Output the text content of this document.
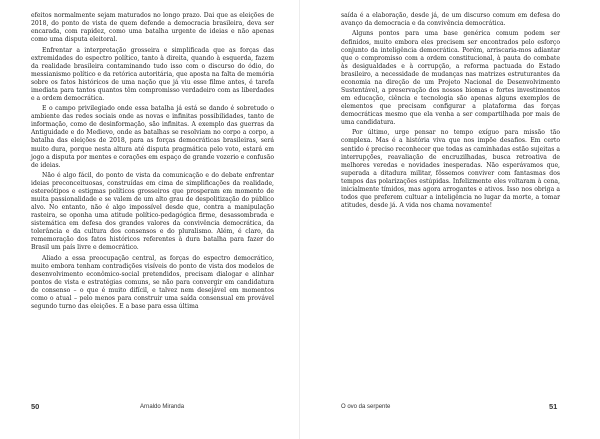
efeitos normalmente sejam maturados no longo prazo. Dai que as eleições de 2018, do ponto de vista de quem defende a democracia brasileira, deva ser encarada, com rapidez, como uma batalha urgente de ideias e não apenas como uma disputa eleitoral.

Enfrentar a interpretação grosseira e simplificada que as forças das extremidades do espectro político, tanto à direita, quando à esquerda, fazem da realidade brasileira contaminando tudo isso com o discurso do ódio, do messianismo político e da retórica autoritária, que aposta na falta de memória sobre os fatos históricos de uma nação que já viu esse filme antes, é tarefa imediata para tantos quantos têm compromisso verdadeiro com as liberdades e a ordem democrática.

E o campo privilegiado onde essa batalha já está se dando é sobretudo o ambiente das redes sociais onde as novas e infinitas possibilidades, tanto de informação, como de desinformação, são infinitas. A exemplo das guerras da Antiguidade e do Medievo, onde as batalhas se resolviam no corpo a corpo, a batalha das eleições de 2018, para as forças democráticas brasileiras, será muito dura, porque nesta altura até disputa pragmática pelo voto, estará em jogo a disputa por mentes e corações em espaço de grande vozerio e confusão de ideias.

Não é algo fácil, do ponto de vista da comunicação e do debate enfrentar ideias preconceituosas, construídas em cima de simplificações da realidade, estereótipos e estigmas políticos grosseiros que prosperam em momento de muita passionalidade e se valem de um alto grau de despolitização do público alvo. No entanto, não é algo impossível desde que, contra a manipulação rasteira, se oponha uma atitude político-pedagógica firme, desassombrada e sistemática em defesa dos grandes valores da convivência democrática, da tolerância e da cultura dos consensos e do pluralismo. Além, é claro, da rememoração dos fatos históricos referentes à dura batalha para fazer do Brasil um país livre e democrático.

Aliado a essa preocupação central, as forças do espectro democrático, muito embora tenham contradições visíveis do ponto de vista dos modelos de desenvolvimento econômico-social pretendidos, precisam dialogar e alinhar pontos de vista e estratégias comuns, se não para convergir em candidatura de consenso – o que é muito difícil, e talvez nem desejável em momentos como o atual – pelo menos para construir uma saída consensual em provável segundo turno das eleições. E a base para essa última

50	Arnaldo Miranda

saída é a elaboração, desde já, de um discurso comum em defesa do avanço da democracia e da convivência democrática.

Alguns pontos para uma base genérica comum podem ser definidos, muito embora eles precisem ser encontrados pelo esforço conjunto da inteligência democrática. Porém, arriscaria-mos adiantar que o compromisso com a ordem constitucional, à pauta do combate às desigualdades e à corrupção, a reforma pactuada do Estado brasileiro, a necessidade de mudanças nas matrizes estruturantes da economia na direção de um Projeto Nacional de Desenvolvimento Sustentável, a preservação dos nossos biomas e fortes investimentos em educação, ciência e tecnologia são apenas alguns exemplos de elementos que precisam configurar a plataforma das forças democráticas mesmo que ela venha a ser compartilhada por mais de uma candidatura.

Por último, urge pensar no tempo exíguo para missão tão complexa. Mas é a história viva que nos impõe desafios. Em certo sentido é preciso reconhecer que todas as caminhadas estão sujeitas a interrupções, reavaliação de encruzilhadas, busca retroativa de melhores veredas e novidades inesperadas. Não esperávamos que, superada a ditadura militar, fôssemos conviver com fantasmas dos tempos das polarizações estúpidas. Infelizmente eles voltaram à cena, inicialmente tímidos, mas agora arrogantes e ativos. Isso nos obriga a todos que preferem cultuar a inteligência no lugar da morte, a tomar atitudes, desde já. A vida nos chama novamente!

O ovo da serpente	51
